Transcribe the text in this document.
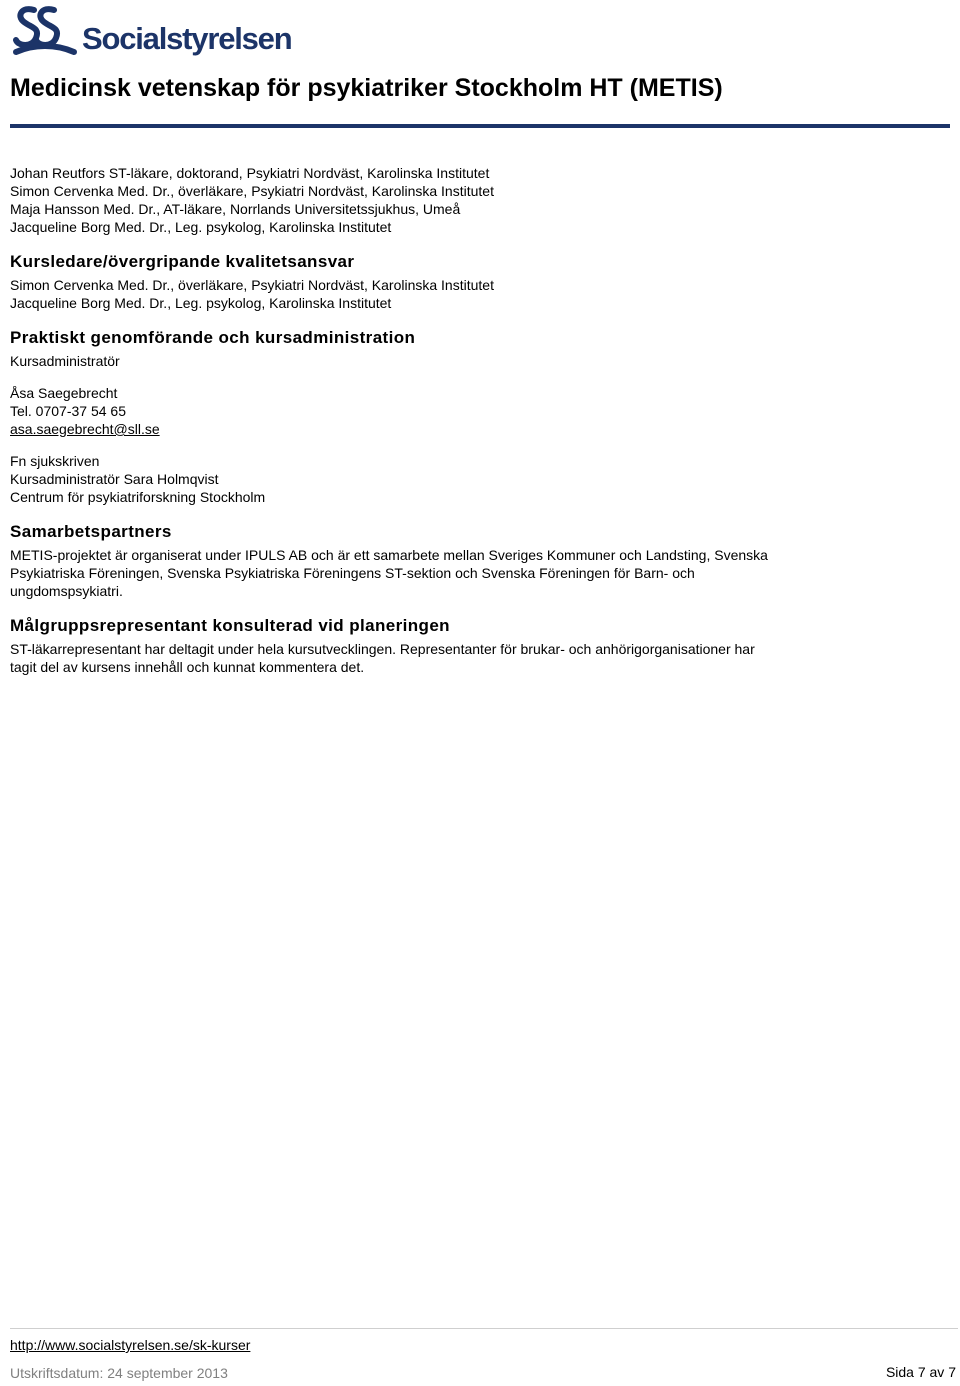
Socialstyrelsen
Medicinsk vetenskap för psykiatriker Stockholm HT (METIS)
Johan Reutfors ST-läkare, doktorand, Psykiatri Nordväst, Karolinska Institutet
Simon Cervenka Med. Dr., överläkare, Psykiatri Nordväst, Karolinska Institutet
Maja Hansson Med. Dr., AT-läkare, Norrlands Universitetssjukhus, Umeå
Jacqueline Borg Med. Dr., Leg. psykolog, Karolinska Institutet
Kursledare/övergripande kvalitetsansvar
Simon Cervenka Med. Dr., överläkare, Psykiatri Nordväst, Karolinska Institutet
Jacqueline Borg Med. Dr., Leg. psykolog, Karolinska Institutet
Praktiskt genomförande och kursadministration
Kursadministratör
Åsa Saegebrecht
Tel. 0707-37 54 65
asa.saegebrecht@sll.se
Fn sjukskriven
Kursadministratör Sara Holmqvist
Centrum för psykiatriforskning Stockholm
Samarbetspartners
METIS-projektet är organiserat under IPULS AB och är ett samarbete mellan Sveriges Kommuner och Landsting, Svenska Psykiatriska Föreningen, Svenska Psykiatriska Föreningens ST-sektion och Svenska Föreningen för Barn- och ungdomspsykiatri.
Målgruppsrepresentant konsulterad vid planeringen
ST-läkarrepresentant har deltagit under hela kursutvecklingen. Representanter för brukar- och anhörigorganisationer har tagit del av kursens innehåll och kunnat kommentera det.
http://www.socialstyrelsen.se/sk-kurser
Utskriftsdatum: 24 september 2013	Sida 7 av 7
